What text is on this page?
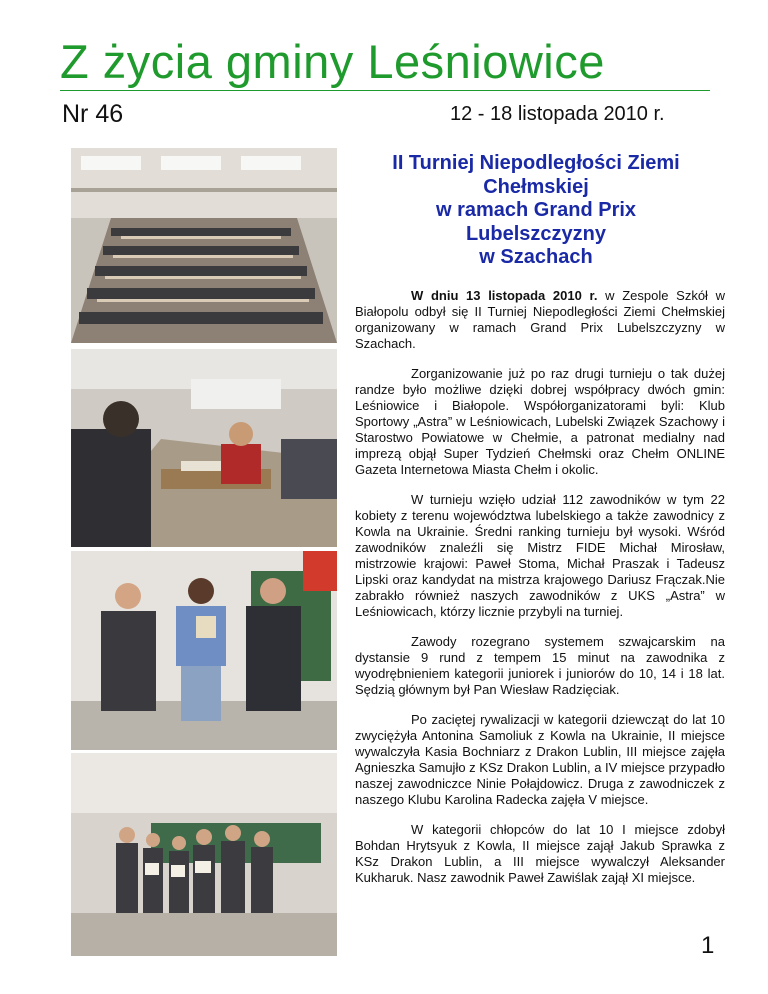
Z życia gminy Leśniowice
Nr 46	12 - 18 listopada 2010 r.
II Turniej Niepodległości Ziemi
Chełmskiej
w ramach Grand Prix
Lubelszczyzny
w Szachach

W dniu 13 listopada 2010 r. w Zespole Szkół w Białopolu odbył się II Turniej Niepodległości Ziemi Chełmskiej organizowany w ramach Grand Prix Lubelszczyzny w Szachach.

Zorganizowanie już po raz drugi turnieju o tak dużej randze było możliwe dzięki dobrej współpracy dwóch gmin: Leśniowice i Białopole. Współorganizatorami byli: Klub Sportowy „Astra” w Leśniowicach, Lubelski Związek Szachowy i Starostwo Powiatowe w Chełmie, a patronat medialny nad imprezą objął Super Tydzień Chełmski oraz Chełm ONLINE Gazeta Internetowa Miasta Chełm i okolic.

W turnieju wzięło udział 112 zawodników w tym 22 kobiety z terenu województwa lubelskiego a także zawodnicy z Kowla na Ukrainie. Średni ranking turnieju był wysoki. Wśród zawodników znaleźli się Mistrz FIDE Michał Mirosław, mistrzowie krajowi: Paweł Stoma, Michał Praszak i Tadeusz Lipski oraz kandydat na mistrza krajowego Dariusz Frączak.Nie zabrakło również naszych zawodników z UKS „Astra” w Leśniowicach, którzy licznie przybyli na turniej.

Zawody rozegrano systemem szwajcarskim na dystansie 9 rund z tempem 15 minut na zawodnika z wyodrębnieniem kategorii juniorek i juniorów do 10, 14 i 18 lat. Sędzią głównym był Pan Wiesław Radzięciak.

Po zaciętej rywalizacji w kategorii dziewcząt do lat 10 zwyciężyła Antonina Samoliuk z Kowla na Ukrainie, II miejsce wywalczyła Kasia Bochniarz z Drakon Lublin, III miejsce zajęła Agnieszka Samujło z KSz Drakon Lublin, a IV miejsce przypadło naszej zawodniczce Ninie Połajdowicz. Druga z zawodniczek z naszego Klubu Karolina Radecka zajęła V miejsce.

W kategorii chłopców do lat 10 I miejsce zdobył Bohdan Hrytsyuk z Kowla, II miejsce zajął Jakub Sprawka z KSz Drakon Lublin, a III miejsce wywalczył Aleksander Kukharuk. Nasz zawodnik Paweł Zawiślak zajął XI miejsce.

1
